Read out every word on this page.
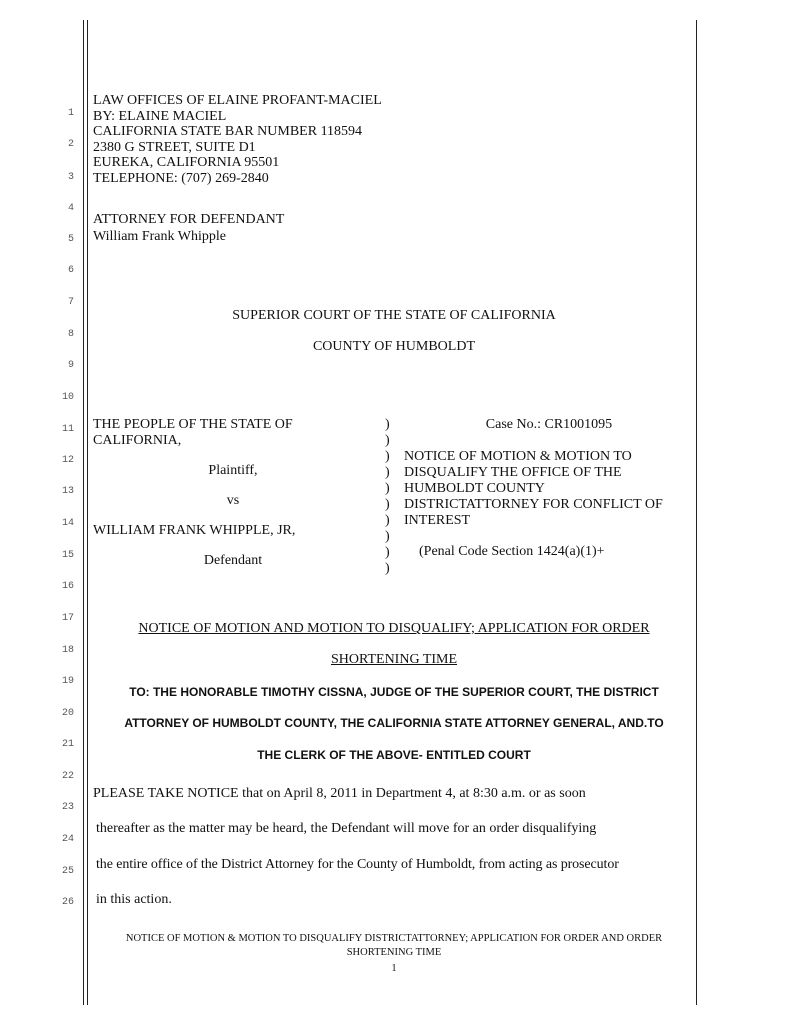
1
2
3
4
5
6
7
8
9
10
11
12
13
14
15
16
17
18
19
20
21
22
23
24
25
26
LAW OFFICES OF ELAINE PROFANT-MACIEL
BY: ELAINE MACIEL
CALIFORNIA STATE BAR NUMBER 118594
2380 G STREET, SUITE D1
EUREKA, CALIFORNIA 95501
TELEPHONE: (707) 269-2840
ATTORNEY FOR DEFENDANT
William Frank Whipple
SUPERIOR COURT OF THE STATE OF CALIFORNIA
COUNTY OF HUMBOLDT
THE PEOPLE OF THE STATE OF
CALIFORNIA,
Plaintiff,
vs
WILLIAM FRANK WHIPPLE, JR,
Defendant
)
)
)
)
)
)
)
)
)
)
Case No.: CR1001095
NOTICE OF MOTION & MOTION TO
DISQUALIFY THE OFFICE OF THE
HUMBOLDT COUNTY
DISTRICTATTORNEY FOR CONFLICT OF
INTEREST
(Penal Code Section 1424(a)(1)+
NOTICE OF MOTION AND MOTION TO DISQUALIFY; APPLICATION FOR ORDER
SHORTENING TIME
TO: THE HONORABLE TIMOTHY CISSNA, JUDGE OF THE SUPERIOR COURT, THE DISTRICT
ATTORNEY OF HUMBOLDT COUNTY, THE CALIFORNIA STATE ATTORNEY GENERAL, AND.TO
THE CLERK OF THE ABOVE- ENTITLED COURT
PLEASE TAKE NOTICE that on April 8, 2011 in Department 4, at 8:30 a.m. or as soon
thereafter as the matter may be heard, the Defendant will move for an order disqualifying
the entire office of the District Attorney for the County of Humboldt, from acting as prosecutor
in this action.
NOTICE OF MOTION & MOTION TO DISQUALIFY DISTRICTATTORNEY; APPLICATION FOR ORDER AND ORDER
SHORTENING TIME
1
